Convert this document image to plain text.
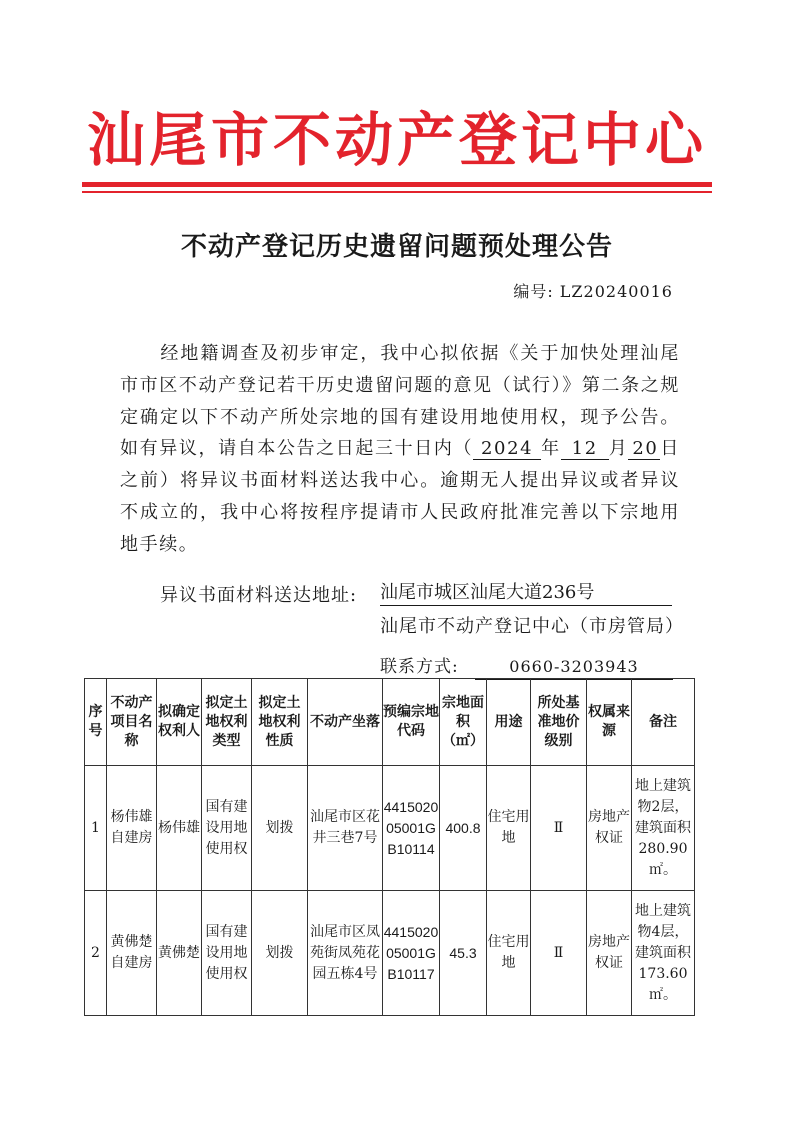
汕尾市不动产登记中心
不动产登记历史遗留问题预处理公告
编号: LZ20240016
经地籍调查及初步审定，我中心拟依据《关于加快处理汕尾市市区不动产登记若干历史遗留问题的意见（试行）》第二条之规定确定以下不动产所处宗地的国有建设用地使用权，现予公告。如有异议，请自本公告之日起三十日内（ 2024 年 12 月 20 日之前）将异议书面材料送达我中心。逾期无人提出异议或者异议不成立的，我中心将按程序提请市人民政府批准完善以下宗地用地手续。
异议书面材料送达地址: 汕尾市城区汕尾大道236号
汕尾市不动产登记中心（市房管局）
联系方式:	0660-3203943
序号	不动产项目名称	拟确定权利人	拟定土地权利类型	拟定土地权利性质	不动产坐落	预编宗地代码	宗地面积（㎡）	用途	所处基准地价级别	权属来源	备注
1	杨伟雄自建房	杨伟雄	国有建设用地使用权	划拨	汕尾市区花井三巷7号	441502005001GB10114	400.8	住宅用地	Ⅱ	房地产权证	地上建筑物2层，建筑面积280.90㎡。
2	黄佛楚自建房	黄佛楚	国有建设用地使用权	划拨	汕尾市区凤苑街凤苑花园五栋4号	441502005001GB10117	45.3	住宅用地	Ⅱ	房地产权证	地上建筑物4层，建筑面积173.60㎡。
